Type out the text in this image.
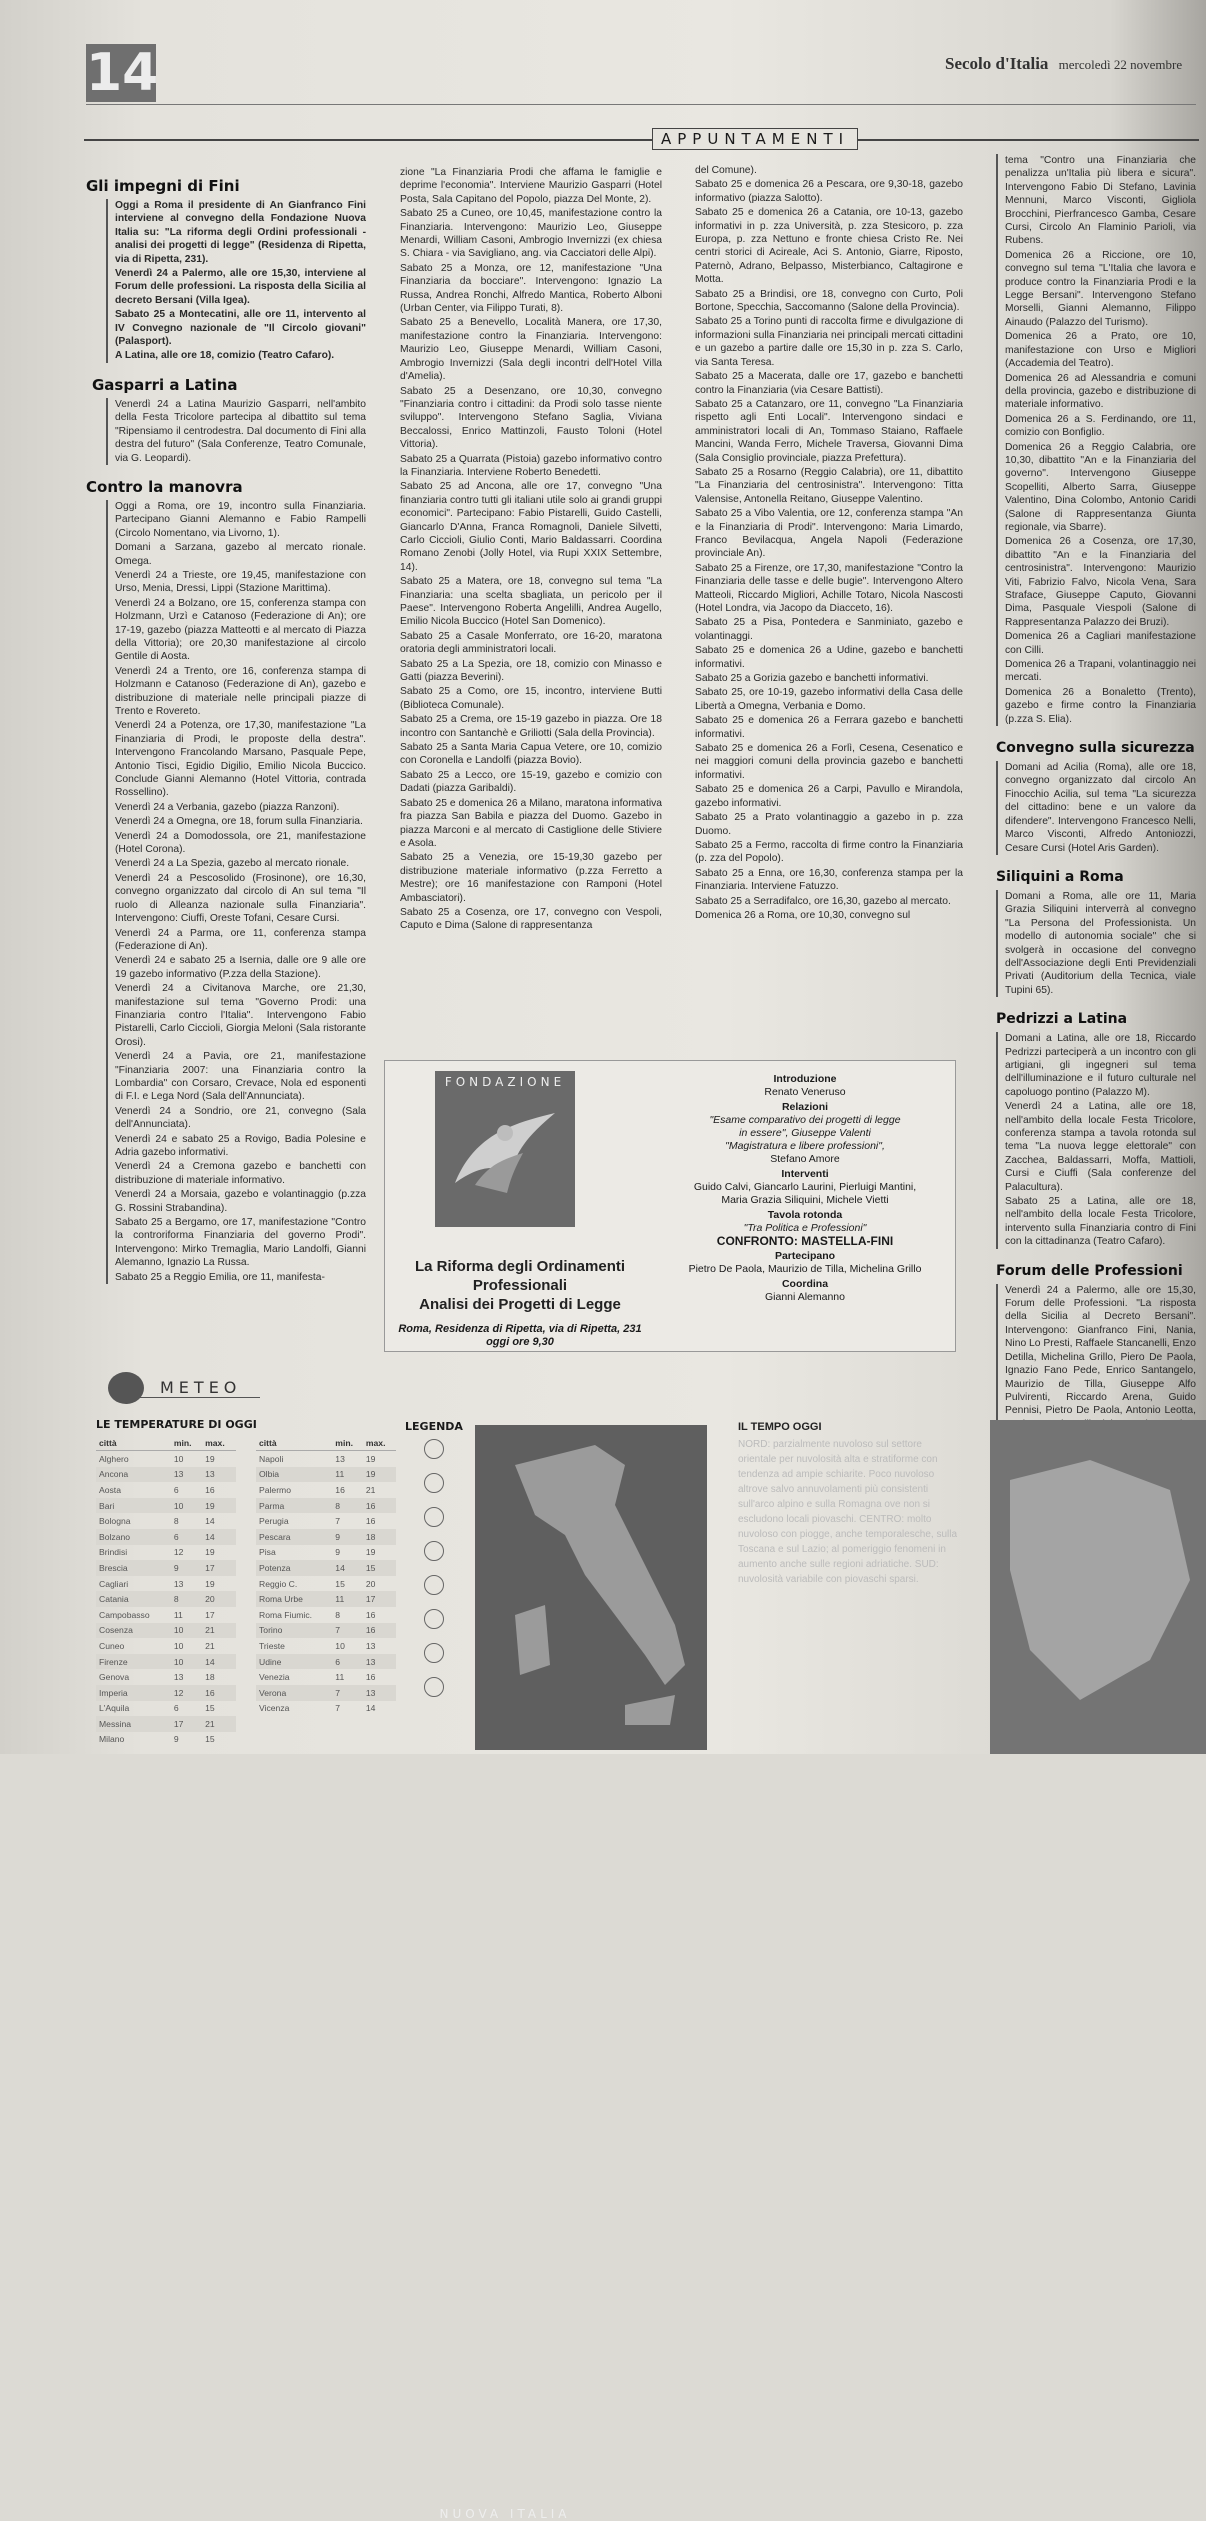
14	Secolo d'Italia mercoledì 22 novembre
APPUNTAMENTI
Gli impegni di Fini

Oggi a Roma il presidente di An Gianfranco Fini interviene al convegno della Fondazione Nuova Italia su: "La riforma degli Ordini professionali - analisi dei progetti di legge" (Residenza di Ripetta, via di Ripetta, 231).

Venerdì 24 a Palermo, alle ore 15,30, interviene al Forum delle professioni. La risposta della Sicilia al decreto Bersani (Villa Igea).

Sabato 25 a Montecatini, alle ore 11, intervento al IV Convegno nazionale de "Il Circolo giovani" (Palasport).

A Latina, alle ore 18, comizio (Teatro Cafaro).

Gasparri a Latina

Venerdì 24 a Latina Maurizio Gasparri, nell'ambito della Festa Tricolore partecipa al dibattito sul tema "Ripensiamo il centrodestra. Dal documento di Fini alla destra del futuro" (Sala Conferenze, Teatro Comunale, via G. Leopardi).

Contro la manovra

Oggi a Roma, ore 19, incontro sulla Finanziaria. Partecipano Gianni Alemanno e Fabio Rampelli (Circolo Nomentano, via Livorno, 1).

Domani a Sarzana, gazebo al mercato rionale. Omega.

Venerdì 24 a Trieste, ore 19,45, manifestazione con Urso, Menia, Dressi, Lippi (Stazione Marittima).

Venerdì 24 a Bolzano, ore 15, conferenza stampa con Holzmann, Urzì e Catanoso (Federazione di An); ore 17-19, gazebo (piazza Matteotti e al mercato di Piazza della Vittoria); ore 20,30 manifestazione al circolo Gentile di Aosta.

Venerdì 24 a Trento, ore 16, conferenza stampa di Holzmann e Catanoso (Federazione di An), gazebo e distribuzione di materiale nelle principali piazze di Trento e Rovereto.

Venerdì 24 a Potenza, ore 17,30, manifestazione "La Finanziaria di Prodi, le proposte della destra". Intervengono Francolando Marsano, Pasquale Pepe, Antonio Tisci, Egidio Digilio, Emilio Nicola Buccico. Conclude Gianni Alemanno (Hotel Vittoria, contrada Rossellino).

Venerdì 24 a Verbania, gazebo (piazza Ranzoni).

Venerdì 24 a Omegna, ore 18, forum sulla Finanziaria.

Venerdì 24 a Domodossola, ore 21, manifestazione (Hotel Corona).

Venerdì 24 a La Spezia, gazebo al mercato rionale.

Venerdì 24 a Pescosolido (Frosinone), ore 16,30, convegno organizzato dal circolo di An sul tema "Il ruolo di Alleanza nazionale sulla Finanziaria". Intervengono: Ciuffi, Oreste Tofani, Cesare Cursi.

Venerdì 24 a Parma, ore 11, conferenza stampa (Federazione di An).

Venerdì 24 e sabato 25 a Isernia, dalle ore 9 alle ore 19 gazebo informativo (P.zza della Stazione).

Venerdì 24 a Civitanova Marche, ore 21,30, manifestazione sul tema "Governo Prodi: una Finanziaria contro l'Italia". Intervengono Fabio Pistarelli, Carlo Ciccioli, Giorgia Meloni (Sala ristorante Orosi).

Venerdì 24 a Pavia, ore 21, manifestazione "Finanziaria 2007: una Finanziaria contro la Lombardia" con Corsaro, Crevace, Nola ed esponenti di F.I. e Lega Nord (Sala dell'Annunciata).

Venerdì 24 a Sondrio, ore 21, convegno (Sala dell'Annunciata).

Venerdì 24 e sabato 25 a Rovigo, Badia Polesine e Adria gazebo informativi.

Venerdì 24 a Cremona gazebo e banchetti con distribuzione di materiale informativo.

Venerdì 24 a Morsaia, gazebo e volantinaggio (p.zza G. Rossini Strabandina).

Sabato 25 a Bergamo, ore 17, manifestazione "Contro la controriforma Finanziaria del governo Prodi". Intervengono: Mirko Tremaglia, Mario Landolfi, Gianni Alemanno, Ignazio La Russa.

Sabato 25 a Reggio Emilia, ore 11, manifesta-

zione "La Finanziaria Prodi che affama le famiglie e deprime l'economia". Interviene Maurizio Gasparri (Hotel Posta, Sala Capitano del Popolo, piazza Del Monte, 2).

Sabato 25 a Cuneo, ore 10,45, manifestazione contro la Finanziaria. Intervengono: Maurizio Leo, Giuseppe Menardi, William Casoni, Ambrogio Invernizzi (ex chiesa S. Chiara - via Savigliano, ang. via Cacciatori delle Alpi).

Sabato 25 a Monza, ore 12, manifestazione "Una Finanziaria da bocciare". Intervengono: Ignazio La Russa, Andrea Ronchi, Alfredo Mantica, Roberto Alboni (Urban Center, via Filippo Turati, 8).

Sabato 25 a Benevello, Località Manera, ore 17,30, manifestazione contro la Finanziaria. Intervengono: Maurizio Leo, Giuseppe Menardi, William Casoni, Ambrogio Invernizzi (Sala degli incontri dell'Hotel Villa d'Amelia).

Sabato 25 a Desenzano, ore 10,30, convegno "Finanziaria contro i cittadini: da Prodi solo tasse niente sviluppo". Intervengono Stefano Saglia, Viviana Beccalossi, Enrico Mattinzoli, Fausto Toloni (Hotel Vittoria).

Sabato 25 a Quarrata (Pistoia) gazebo informativo contro la Finanziaria. Interviene Roberto Benedetti.

Sabato 25 ad Ancona, alle ore 17, convegno "Una finanziaria contro tutti gli italiani utile solo ai grandi gruppi economici". Partecipano: Fabio Pistarelli, Guido Castelli, Giancarlo D'Anna, Franca Romagnoli, Daniele Silvetti, Carlo Ciccioli, Giulio Conti, Mario Baldassarri. Coordina Romano Zenobi (Jolly Hotel, via Rupi XXIX Settembre, 14).

Sabato 25 a Matera, ore 18, convegno sul tema "La Finanziaria: una scelta sbagliata, un pericolo per il Paese". Intervengono Roberta Angelilli, Andrea Augello, Emilio Nicola Buccico (Hotel San Domenico).

Sabato 25 a Casale Monferrato, ore 16-20, maratona oratoria degli amministratori locali.

Sabato 25 a La Spezia, ore 18, comizio con Minasso e Gatti (piazza Beverini).

Sabato 25 a Como, ore 15, incontro, interviene Butti (Biblioteca Comunale).

Sabato 25 a Crema, ore 15-19 gazebo in piazza. Ore 18 incontro con Santanchè e Griliotti (Sala della Provincia).

Sabato 25 a Santa Maria Capua Vetere, ore 10, comizio con Coronella e Landolfi (piazza Bovio).

Sabato 25 a Lecco, ore 15-19, gazebo e comizio con Dadati (piazza Garibaldi).

Sabato 25 e domenica 26 a Milano, maratona informativa fra piazza San Babila e piazza del Duomo. Gazebo in piazza Marconi e al mercato di Castiglione delle Stiviere e Asola.

Sabato 25 a Venezia, ore 15-19,30 gazebo per distribuzione materiale informativo (p.zza Ferretto a Mestre); ore 16 manifestazione con Ramponi (Hotel Ambasciatori).

Sabato 25 a Cosenza, ore 17, convegno con Vespoli, Caputo e Dima (Salone di rappresentanza

del Comune).

Sabato 25 e domenica 26 a Pescara, ore 9,30-18, gazebo informativo (piazza Salotto).

Sabato 25 e domenica 26 a Catania, ore 10-13, gazebo informativi in p. zza Università, p. zza Stesicoro, p. zza Europa, p. zza Nettuno e fronte chiesa Cristo Re. Nei centri storici di Acireale, Aci S. Antonio, Giarre, Riposto, Paternò, Adrano, Belpasso, Misterbianco, Caltagirone e Motta.

Sabato 25 a Brindisi, ore 18, convegno con Curto, Poli Bortone, Specchia, Saccomanno (Salone della Provincia).

Sabato 25 a Torino punti di raccolta firme e divulgazione di informazioni sulla Finanziaria nei principali mercati cittadini e un gazebo a partire dalle ore 15,30 in p. zza S. Carlo, via Santa Teresa.

Sabato 25 a Macerata, dalle ore 17, gazebo e banchetti contro la Finanziaria (via Cesare Battisti).

Sabato 25 a Catanzaro, ore 11, convegno "La Finanziaria rispetto agli Enti Locali". Intervengono sindaci e amministratori locali di An, Tommaso Staiano, Raffaele Mancini, Wanda Ferro, Michele Traversa, Giovanni Dima (Sala Consiglio provinciale, piazza Prefettura).

Sabato 25 a Rosarno (Reggio Calabria), ore 11, dibattito "La Finanziaria del centrosinistra". Intervengono: Titta Valensise, Antonella Reitano, Giuseppe Valentino.

Sabato 25 a Vibo Valentia, ore 12, conferenza stampa "An e la Finanziaria di Prodi". Intervengono: Maria Limardo, Franco Bevilacqua, Angela Napoli (Federazione provinciale An).

Sabato 25 a Firenze, ore 17,30, manifestazione "Contro la Finanziaria delle tasse e delle bugie". Intervengono Altero Matteoli, Riccardo Migliori, Achille Totaro, Nicola Nascosti (Hotel Londra, via Jacopo da Diacceto, 16).

Sabato 25 a Pisa, Pontedera e Sanminiato, gazebo e volantinaggi.

Sabato 25 e domenica 26 a Udine, gazebo e banchetti informativi.

Sabato 25 a Gorizia gazebo e banchetti informativi.

Sabato 25, ore 10-19, gazebo informativi della Casa delle Libertà a Omegna, Verbania e Domo.

Sabato 25 e domenica 26 a Ferrara gazebo e banchetti informativi.

Sabato 25 e domenica 26 a Forlì, Cesena, Cesenatico e nei maggiori comuni della provincia gazebo e banchetti informativi.

Sabato 25 e domenica 26 a Carpi, Pavullo e Mirandola, gazebo informativi.

Sabato 25 a Prato volantinaggio a gazebo in p. zza Duomo.

Sabato 25 a Fermo, raccolta di firme contro la Finanziaria (p. zza del Popolo).

Sabato 25 a Enna, ore 16,30, conferenza stampa per la Finanziaria. Interviene Fatuzzo.

Sabato 25 a Serradifalco, ore 16,30, gazebo al mercato.

Domenica 26 a Roma, ore 10,30, convegno sul

tema "Contro una Finanziaria che penalizza un'Italia più libera e sicura". Intervengono Fabio Di Stefano, Lavinia Mennuni, Marco Visconti, Gigliola Brocchini, Pierfrancesco Gamba, Cesare Cursi, Circolo An Flaminio Parioli, via Rubens.

Domenica 26 a Riccione, ore 10, convegno sul tema "L'Italia che lavora e produce contro la Finanziaria Prodi e la Legge Bersani". Intervengono Stefano Morselli, Gianni Alemanno, Filippo Ainaudo (Palazzo del Turismo).

Domenica 26 a Prato, ore 10, manifestazione con Urso e Migliori (Accademia del Teatro).

Domenica 26 ad Alessandria e comuni della provincia, gazebo e distribuzione di materiale informativo.

Domenica 26 a S. Ferdinando, ore 11, comizio con Bonfiglio.

Domenica 26 a Reggio Calabria, ore 10,30, dibattito "An e la Finanziaria del governo". Intervengono Giuseppe Scopelliti, Alberto Sarra, Giuseppe Valentino, Dina Colombo, Antonio Caridi (Salone di Rappresentanza Giunta regionale, via Sbarre).

Domenica 26 a Cosenza, ore 17,30, dibattito "An e la Finanziaria del centrosinistra". Intervengono: Maurizio Viti, Fabrizio Falvo, Nicola Vena, Sara Straface, Giuseppe Caputo, Giovanni Dima, Pasquale Viespoli (Salone di Rappresentanza Palazzo dei Bruzi).

Domenica 26 a Cagliari manifestazione con Cilli.

Domenica 26 a Trapani, volantinaggio nei mercati.

Domenica 26 a Bonaletto (Trento), gazebo e firme contro la Finanziaria (p.zza S. Elia).

Convegno sulla sicurezza

Domani ad Acilia (Roma), alle ore 18, convegno organizzato dal circolo An Finocchio Acilia, sul tema "La sicurezza del cittadino: bene e un valore da difendere". Intervengono Francesco Nelli, Marco Visconti, Alfredo Antoniozzi, Cesare Cursi (Hotel Aris Garden).

Siliquini a Roma

Domani a Roma, alle ore 11, Maria Grazia Siliquini interverrà al convegno "La Persona del Professionista. Un modello di autonomia sociale" che si svolgerà in occasione del convegno dell'Associazione degli Enti Previdenziali Privati (Auditorium della Tecnica, viale Tupini 65).

Pedrizzi a Latina

Domani a Latina, alle ore 18, Riccardo Pedrizzi parteciperà a un incontro con gli artigiani, gli ingegneri sul tema dell'illuminazione e il futuro culturale nel capoluogo pontino (Palazzo M).

Venerdì 24 a Latina, alle ore 18, nell'ambito della locale Festa Tricolore, conferenza stampa a tavola rotonda sul tema "La nuova legge elettorale" con Zacchea, Baldassarri, Moffa, Mattioli, Cursi e Ciuffi (Sala conferenze del Palacultura).

Sabato 25 a Latina, alle ore 18, nell'ambito della locale Festa Tricolore, intervento sulla Finanziaria contro di Fini con la cittadinanza (Teatro Cafaro).

Forum delle Professioni

Venerdì 24 a Palermo, alle ore 15,30, Forum delle Professioni. "La risposta della Sicilia al Decreto Bersani". Intervengono: Gianfranco Fini, Nania, Nino Lo Presti, Raffaele Stancanelli, Enzo Detilla, Michelina Grillo, Piero De Paola, Ignazio Fano Pede, Enrico Santangelo, Maurizio de Tilla, Giuseppe Alfo Pulvirenti, Riccardo Arena, Guido Pennisi, Pietro De Paola, Antonio Leotta,

FONDAZIONE
NUOVA ITALIA
La Riforma degli Ordinamenti
Professionali
Analisi dei Progetti di Legge
Roma, Residenza di Ripetta, via di Ripetta, 231
oggi ore 9,30
Introduzione
Renato Veneruso
Relazioni
"Esame comparativo dei progetti di legge
in essere", Giuseppe Valenti
"Magistratura e libere professioni",
Stefano Amore
Interventi
Guido Calvi, Giancarlo Laurini, Pierluigi Mantini,
Maria Grazia Siliquini, Michele Vietti
Tavola rotonda
"Tra Politica e Professioni"
CONFRONTO: MASTELLA-FINI
Partecipano
Pietro De Paola, Maurizio de Tilla, Michelina Grillo
Coordina
Gianni Alemanno
METEO
LE TEMPERATURE DI OGGI
città	min.	max.
Alghero	10	19
Ancona	13	13
Aosta	6	16
Bari	10	19
Bologna	8	14
Bolzano	6	14
Brindisi	12	19
Brescia	9	17
Cagliari	13	19
Catania	8	20
Campobasso	11	17
Cosenza	10	21
Cuneo	10	21
Firenze	10	14
Genova	13	18
Imperia	12	16
L'Aquila	6	15
Messina	17	21
Milano	9	15
città	min.	max.
Napoli	13	19
Olbia	11	19
Palermo	16	21
Parma	8	16
Perugia	7	16
Pescara	9	18
Pisa	9	19
Potenza	14	15
Reggio C.	15	20
Roma Urbe	11	17
Roma Fiumic.	8	16
Torino	7	16
Trieste	10	13
Udine	6	13
Venezia	11	16
Verona	7	13
Vicenza	7	14
LEGENDA	IL TEMPO OGGI
NORD: parzialmente nuvoloso sul settore orientale per nuvolosità alta e stratiforme con tendenza ad ampie schiarite. Poco nuvoloso altrove salvo annuvolamenti più consistenti sull'arco alpino e sulla Romagna ove non si escludono locali piovaschi. CENTRO: molto nuvoloso con piogge, anche temporalesche, sulla Toscana e sul Lazio; al pomeriggio fenomeni in aumento anche sulle regioni adriatiche. SUD: nuvolosità variabile con piovaschi sparsi.
